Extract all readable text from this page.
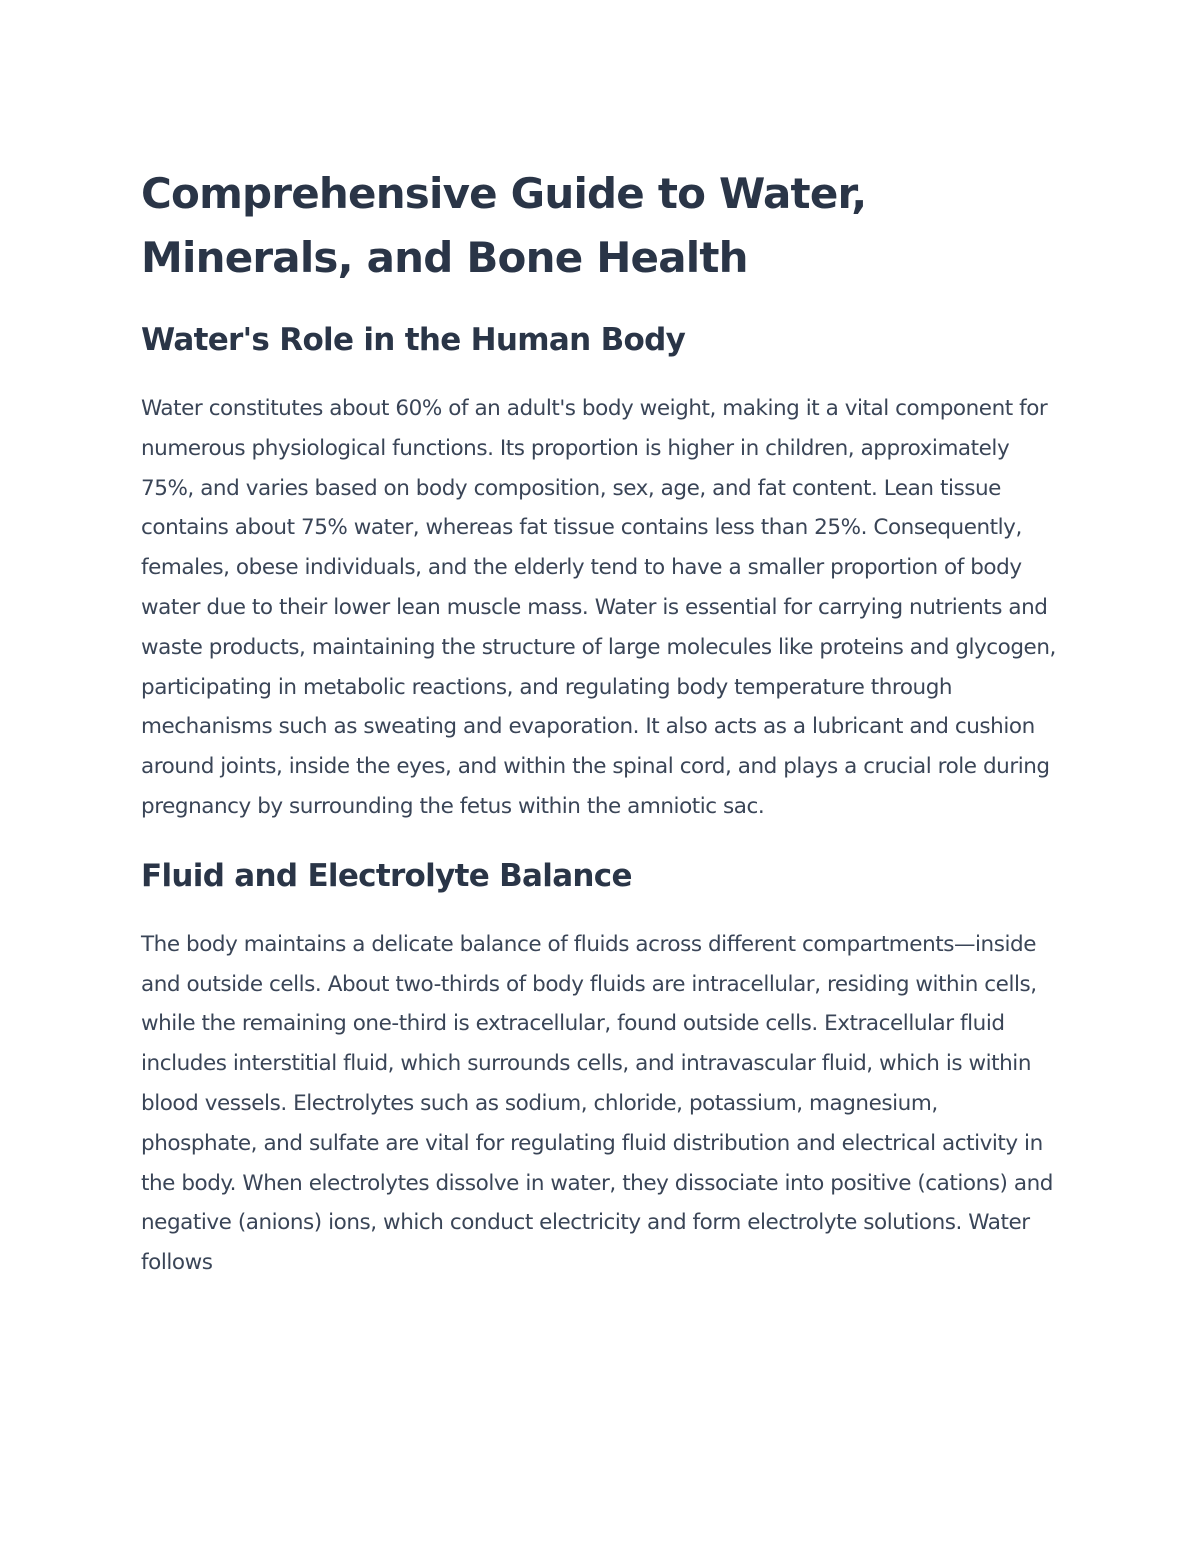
Comprehensive Guide to Water, Minerals, and Bone Health
Water's Role in the Human Body

Water constitutes about 60% of an adult's body weight, making it a vital component for numerous physiological functions. Its proportion is higher in children, approximately 75%, and varies based on body composition, sex, age, and fat content. Lean tissue contains about 75% water, whereas fat tissue contains less than 25%. Consequently, females, obese individuals, and the elderly tend to have a smaller proportion of body water due to their lower lean muscle mass. Water is essential for carrying nutrients and waste products, maintaining the structure of large molecules like proteins and glycogen, participating in metabolic reactions, and regulating body temperature through mechanisms such as sweating and evaporation. It also acts as a lubricant and cushion around joints, inside the eyes, and within the spinal cord, and plays a crucial role during pregnancy by surrounding the fetus within the amniotic sac.

Fluid and Electrolyte Balance

The body maintains a delicate balance of fluids across different compartments—inside and outside cells. About two-thirds of body fluids are intracellular, residing within cells, while the remaining one-third is extracellular, found outside cells. Extracellular fluid includes interstitial fluid, which surrounds cells, and intravascular fluid, which is within blood vessels. Electrolytes such as sodium, chloride, potassium, magnesium, phosphate, and sulfate are vital for regulating fluid distribution and electrical activity in the body. When electrolytes dissolve in water, they dissociate into positive (cations) and negative (anions) ions, which conduct electricity and form electrolyte solutions. Water follows
